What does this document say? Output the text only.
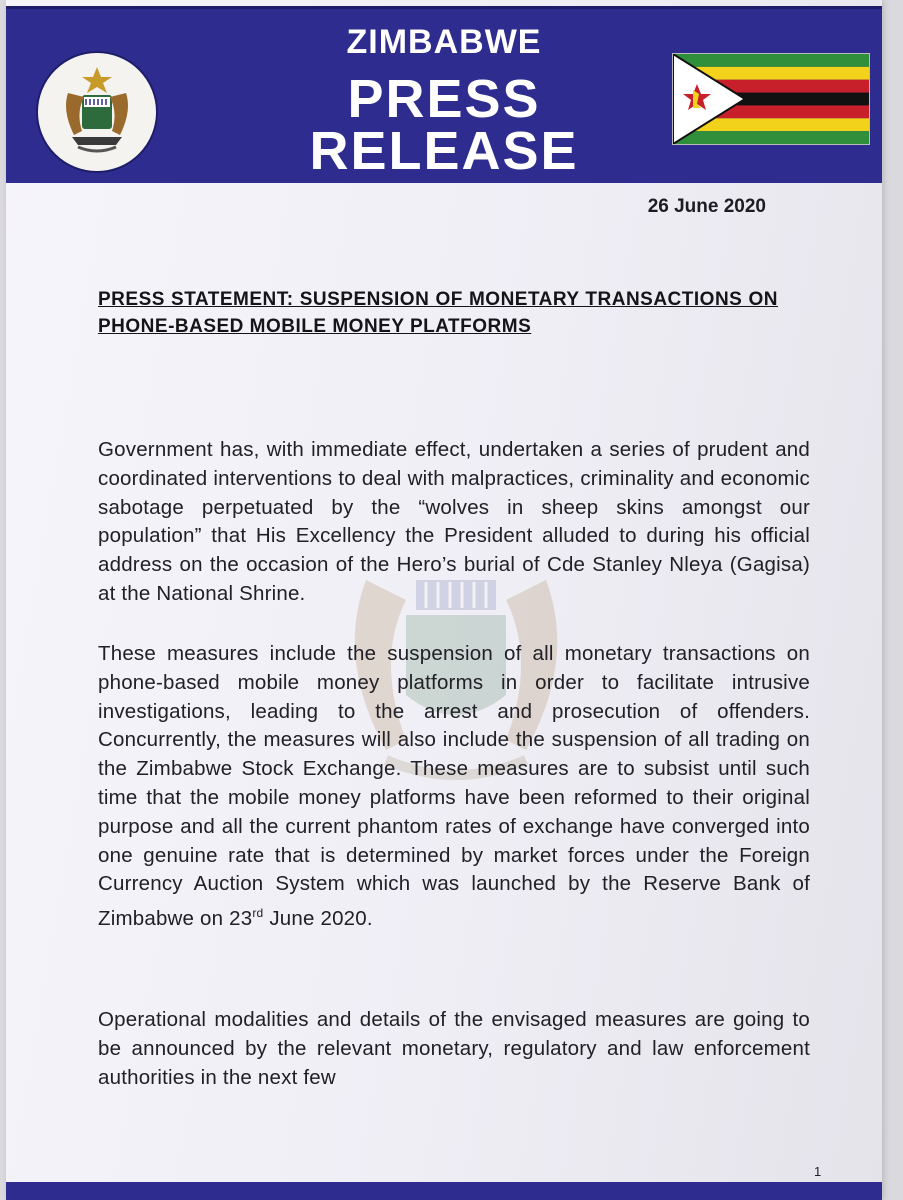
ZIMBABWE
PRESS
RELEASE
26 June 2020
PRESS STATEMENT: SUSPENSION OF MONETARY TRANSACTIONS ON PHONE-BASED MOBILE MONEY PLATFORMS
Government has, with immediate effect, undertaken a series of prudent and coordinated interventions to deal with malpractices, criminality and economic sabotage perpetuated by the “wolves in sheep skins amongst our population” that His Excellency the President alluded to during his official address on the occasion of the Hero’s burial of Cde Stanley Nleya (Gagisa) at the National Shrine.
These measures include the suspension of all monetary transactions on phone-based mobile money platforms in order to facilitate intrusive investigations, leading to the arrest and prosecution of offenders. Concurrently, the measures will also include the suspension of all trading on the Zimbabwe Stock Exchange. These measures are to subsist until such time that the mobile money platforms have been reformed to their original purpose and all the current phantom rates of exchange have converged into one genuine rate that is determined by market forces under the Foreign Currency Auction System which was launched by the Reserve Bank of Zimbabwe on 23rd June 2020.
Operational modalities and details of the envisaged measures are going to be announced by the relevant monetary, regulatory and law enforcement authorities in the next few
1
